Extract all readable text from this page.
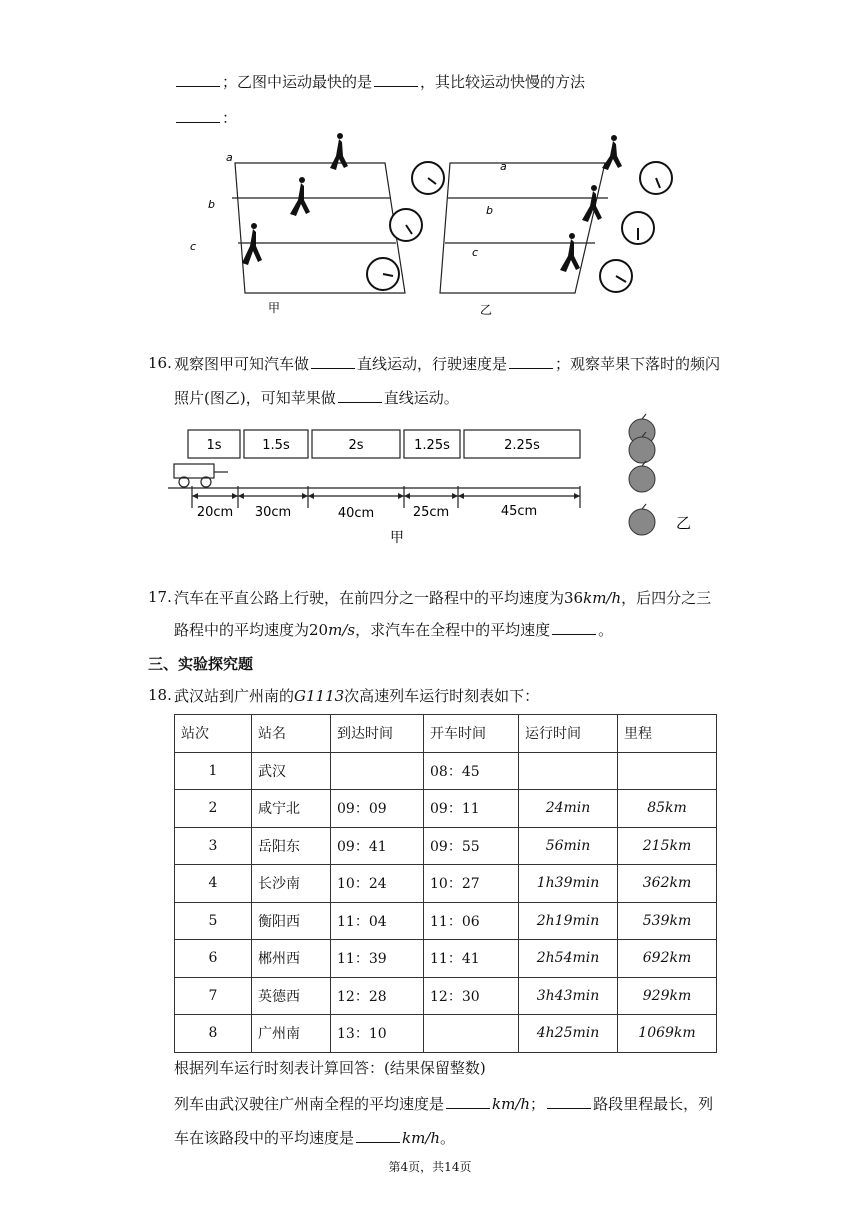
；乙图中运动最快的是	，其比较运动快慢的方法
：
a
b
c
甲
a
b
c
乙
16. 观察图甲可知汽车做	直线运动，行驶速度是	；观察苹果下落时的频闪
照片(图乙)，可知苹果做	直线运动。
1s	1.5s	2s	1.25s	2.25s
20cm 30cm	40cm	25cm	45cm
甲
乙
17. 汽车在平直公路上行驶，在前四分之一路程中的平均速度为36km/h，后四分之三
路程中的平均速度为20m/s，求汽车在全程中的平均速度	。
三、实验探究题
18. 武汉站到广州南的G1113次高速列车运行时刻表如下：
站次	站名	到达时间	开车时间	运行时间	里程
1	武汉		08：45		
2	咸宁北	09：09	09：11	24min	85km
3	岳阳东	09：41	09：55	56min	215km
4	长沙南	10：24	10：27	1h39min	362km
5	衡阳西	11：04	11：06	2h19min	539km
6	郴州西	11：39	11：41	2h54min	692km
7	英德西	12：28	12：30	3h43min	929km
8	广州南	13：10		4h25min	1069km
根据列车运行时刻表计算回答：(结果保留整数)
列车由武汉驶往广州南全程的平均速度是	km/h；	路段里程最长，列
车在该路段中的平均速度是	km/h。
第4页，共14页
